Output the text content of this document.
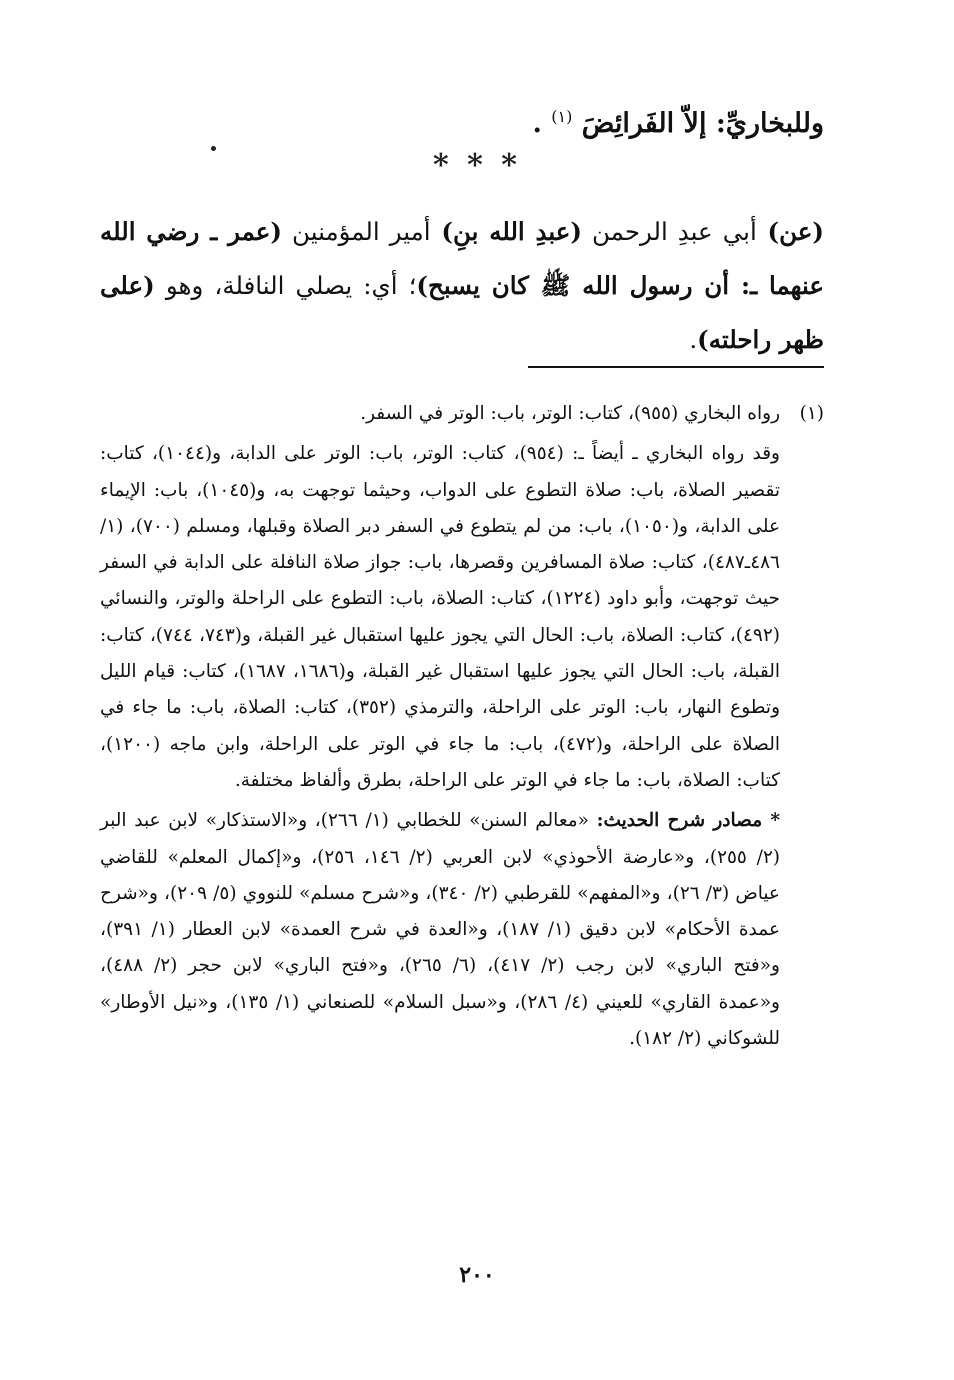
وللبخاريِّ: إلاّ الفَرائِضَ $^{(١)}$ .
* * *
(عن) أبي عبدِ الرحمن (عبدِ الله بنِ) أمير المؤمنين (عمر ـ رضي الله عنهما ـ: أن رسول الله ﷺ كان يسبح)؛ أي: يصلي النافلة، وهو (على ظهر راحلته).
(١)

رواه البخاري (٩٥٥)، كتاب: الوتر، باب: الوتر في السفر.

وقد رواه البخاري ـ أيضاً ـ: (٩٥٤)، كتاب: الوتر، باب: الوتر على الدابة، و(١٠٤٤)، كتاب: تقصير الصلاة، باب: صلاة التطوع على الدواب، وحيثما توجهت به، و(١٠٤٥)، باب: الإيماء على الدابة، و(١٠٥٠)، باب: من لم يتطوع في السفر دبر الصلاة وقبلها، ومسلم (٧٠٠)، (١/ ٤٨٦ـ٤٨٧)، كتاب: صلاة المسافرين وقصرها، باب: جواز صلاة النافلة على الدابة في السفر حيث توجهت، وأبو داود (١٢٢٤)، كتاب: الصلاة، باب: التطوع على الراحلة والوتر، والنسائي (٤٩٢)، كتاب: الصلاة، باب: الحال التي يجوز عليها استقبال غير القبلة، و(٧٤٣، ٧٤٤)، كتاب: القبلة، باب: الحال التي يجوز عليها استقبال غير القبلة، و(١٦٨٦، ١٦٨٧)، كتاب: قيام الليل وتطوع النهار، باب: الوتر على الراحلة، والترمذي (٣٥٢)، كتاب: الصلاة، باب: ما جاء في الصلاة على الراحلة، و(٤٧٢)، باب: ما جاء في الوتر على الراحلة، وابن ماجه (١٢٠٠)، كتاب: الصلاة، باب: ما جاء في الوتر على الراحلة، بطرق وألفاظ مختلفة.

* مصادر شرح الحديث: «معالم السنن» للخطابي (١/ ٢٦٦)، و«الاستذكار» لابن عبد البر (٢/ ٢٥٥)، و«عارضة الأحوذي» لابن العربي (٢/ ١٤٦، ٢٥٦)، و«إكمال المعلم» للقاضي عياض (٣/ ٢٦)، و«المفهم» للقرطبي (٢/ ٣٤٠)، و«شرح مسلم» للنووي (٥/ ٢٠٩)، و«شرح عمدة الأحكام» لابن دقيق (١/ ١٨٧)، و«العدة في شرح العمدة» لابن العطار (١/ ٣٩١)، و«فتح الباري» لابن رجب (٢/ ٤١٧)، (٦/ ٢٦٥)، و«فتح الباري» لابن حجر (٢/ ٤٨٨)، و«عمدة القاري» للعيني (٤/ ٢٨٦)، و«سبل السلام» للصنعاني (١/ ١٣٥)، و«نيل الأوطار» للشوكاني (٢/ ١٨٢).

٢٠٠
